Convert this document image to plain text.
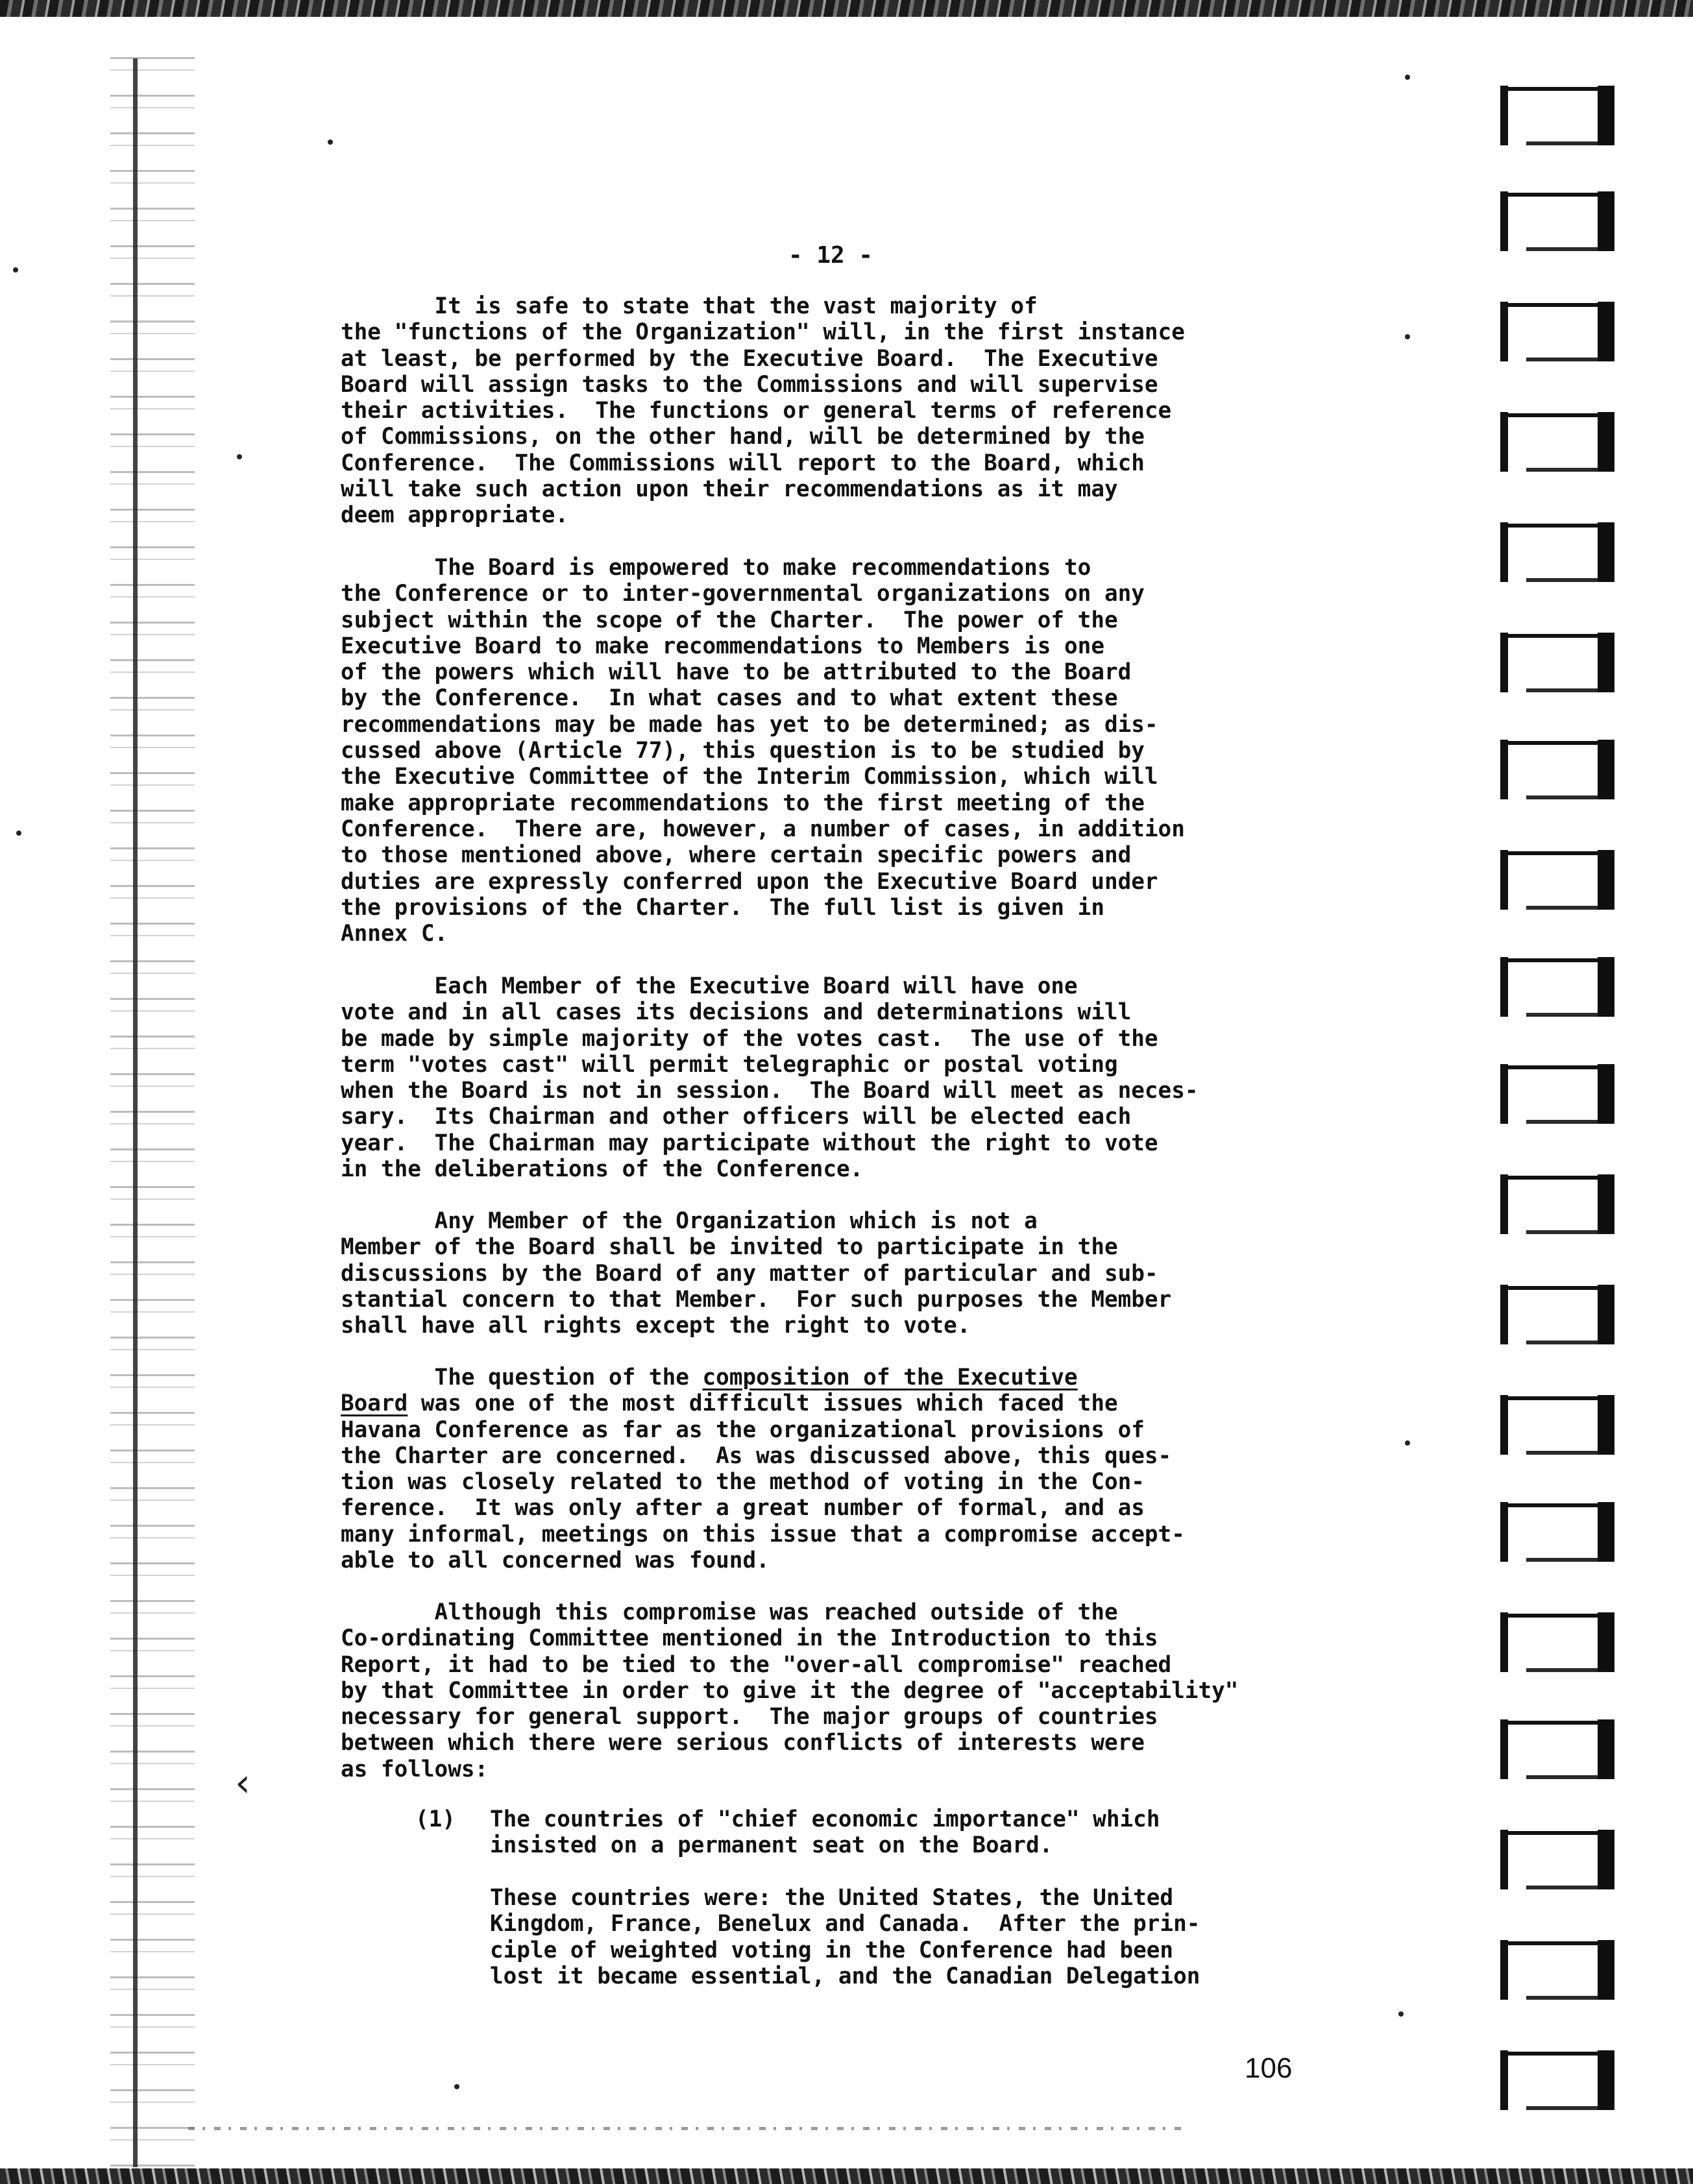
‹

- 12 -

It is safe to state that the vast majority of
the "functions of the Organization" will, in the first instance
at least, be performed by the Executive Board.  The Executive
Board will assign tasks to the Commissions and will supervise
their activities.  The functions or general terms of reference
of Commissions, on the other hand, will be determined by the
Conference.  The Commissions will report to the Board, which
will take such action upon their recommendations as it may
deem appropriate.
The Board is empowered to make recommendations to
the Conference or to inter-governmental organizations on any
subject within the scope of the Charter.  The power of the
Executive Board to make recommendations to Members is one
of the powers which will have to be attributed to the Board
by the Conference.  In what cases and to what extent these
recommendations may be made has yet to be determined; as dis-
cussed above (Article 77), this question is to be studied by
the Executive Committee of the Interim Commission, which will
make appropriate recommendations to the first meeting of the
Conference.  There are, however, a number of cases, in addition
to those mentioned above, where certain specific powers and
duties are expressly conferred upon the Executive Board under
the provisions of the Charter.  The full list is given in
Annex C.
Each Member of the Executive Board will have one
vote and in all cases its decisions and determinations will
be made by simple majority of the votes cast.  The use of the
term "votes cast" will permit telegraphic or postal voting
when the Board is not in session.  The Board will meet as neces-
sary.  Its Chairman and other officers will be elected each
year.  The Chairman may participate without the right to vote
in the deliberations of the Conference.
Any Member of the Organization which is not a
Member of the Board shall be invited to participate in the
discussions by the Board of any matter of particular and sub-
stantial concern to that Member.  For such purposes the Member
shall have all rights except the right to vote.
The question of the composition of the Executive
Board was one of the most difficult issues which faced the
Havana Conference as far as the organizational provisions of
the Charter are concerned.  As was discussed above, this ques-
tion was closely related to the method of voting in the Con-
ference.  It was only after a great number of formal, and as
many informal, meetings on this issue that a compromise accept-
able to all concerned was found.
Although this compromise was reached outside of the
Co-ordinating Committee mentioned in the Introduction to this
Report, it had to be tied to the "over-all compromise" reached
by that Committee in order to give it the degree of "acceptability"
necessary for general support.  The major groups of countries
between which there were serious conflicts of interests were
as follows:

(1)	The countries of "chief economic importance" which
insisted on a permanent seat on the Board.
These countries were: the United States, the United
Kingdom, France, Benelux and Canada.  After the prin-
ciple of weighted voting in the Conference had been
lost it became essential, and the Canadian Delegation

106
